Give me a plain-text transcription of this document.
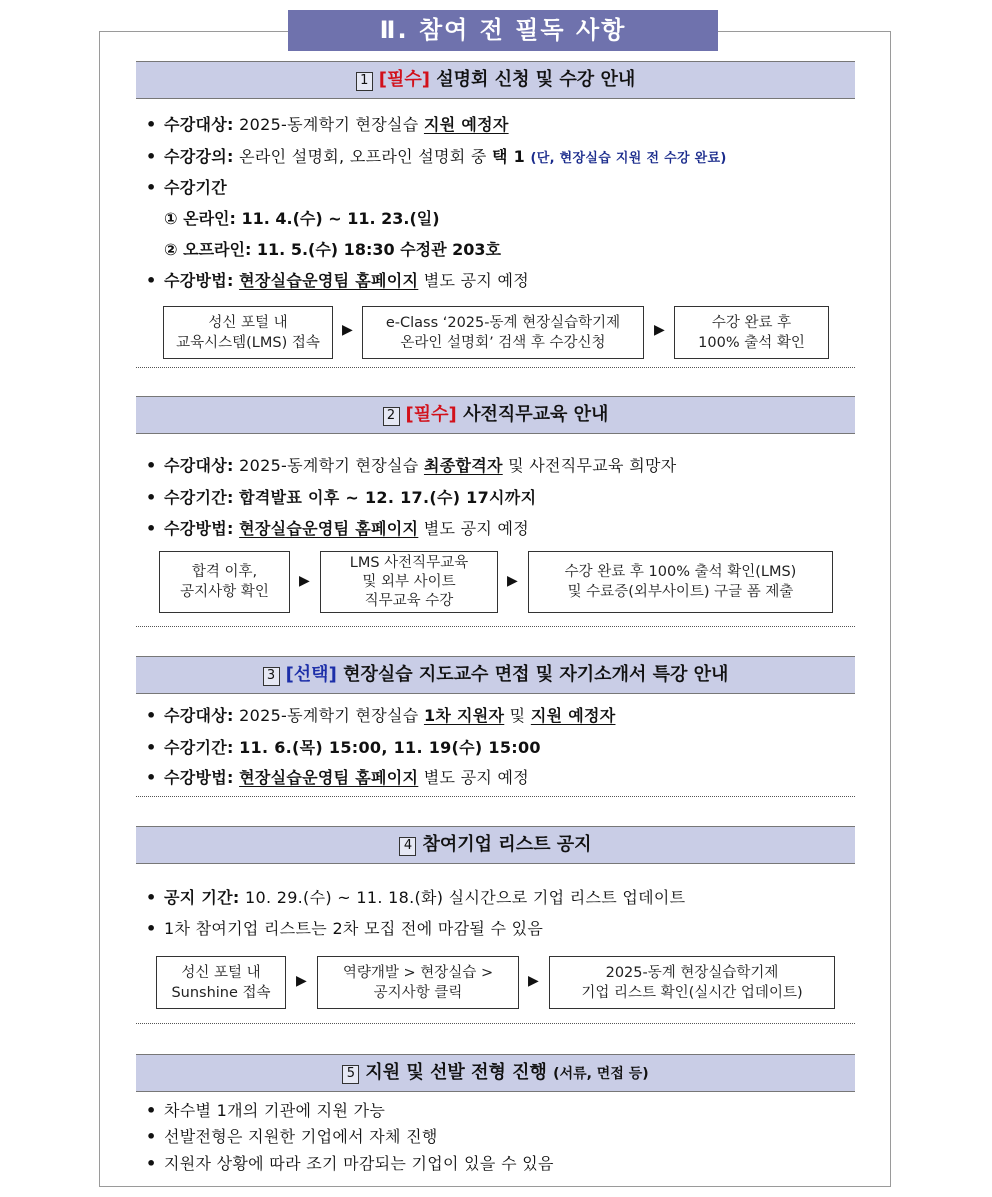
Ⅱ. 참여 전 필독 사항
1 [필수] 설명회 신청 및 수강 안내
• 수강대상: 2025-동계학기 현장실습 지원 예정자
• 수강강의: 온라인 설명회, 오프라인 설명회 중 택 1 (단, 현장실습 지원 전 수강 완료)
• 수강기간
① 온라인: 11. 4.(수) ~ 11. 23.(일)
② 오프라인: 11. 5.(수) 18:30 수정관 203호
• 수강방법: 현장실습운영팀 홈페이지 별도 공지 예정
성신 포털 내
교육시스템(LMS) 접속
▶ e-Class ‘2025-동계 현장실습학기제
온라인 설명회’ 검색 후 수강신청
▶	수강 완료 후
100% 출석 확인
2 [필수] 사전직무교육 안내
• 수강대상: 2025-동계학기 현장실습 최종합격자 및 사전직무교육 희망자
• 수강기간: 합격발표 이후 ~ 12. 17.(수) 17시까지
• 수강방법: 현장실습운영팀 홈페이지 별도 공지 예정
합격 이후,
공지사항 확인
▶
LMS 사전직무교육
및 외부 사이트
직무교육 수강
▶
수강 완료 후 100% 출석 확인(LMS)
및 수료증(외부사이트) 구글 폼 제출
3 [선택] 현장실습 지도교수 면접 및 자기소개서 특강 안내
• 수강대상: 2025-동계학기 현장실습 1차 지원자 및 지원 예정자
• 수강기간: 11. 6.(목) 15:00, 11. 19(수) 15:00
• 수강방법: 현장실습운영팀 홈페이지 별도 공지 예정
4 참여기업 리스트 공지
• 공지 기간: 10. 29.(수) ~ 11. 18.(화) 실시간으로 기업 리스트 업데이트
• 1차 참여기업 리스트는 2차 모집 전에 마감될 수 있음
성신 포털 내
Sunshine 접속
▶
역량개발 > 현장실습 >
공지사항 클릭
▶
2025-동계 현장실습학기제
기업 리스트 확인(실시간 업데이트)
5 지원 및 선발 전형 진행 (서류, 면접 등)
• 차수별 1개의 기관에 지원 가능
• 선발전형은 지원한 기업에서 자체 진행
• 지원자 상황에 따라 조기 마감되는 기업이 있을 수 있음
